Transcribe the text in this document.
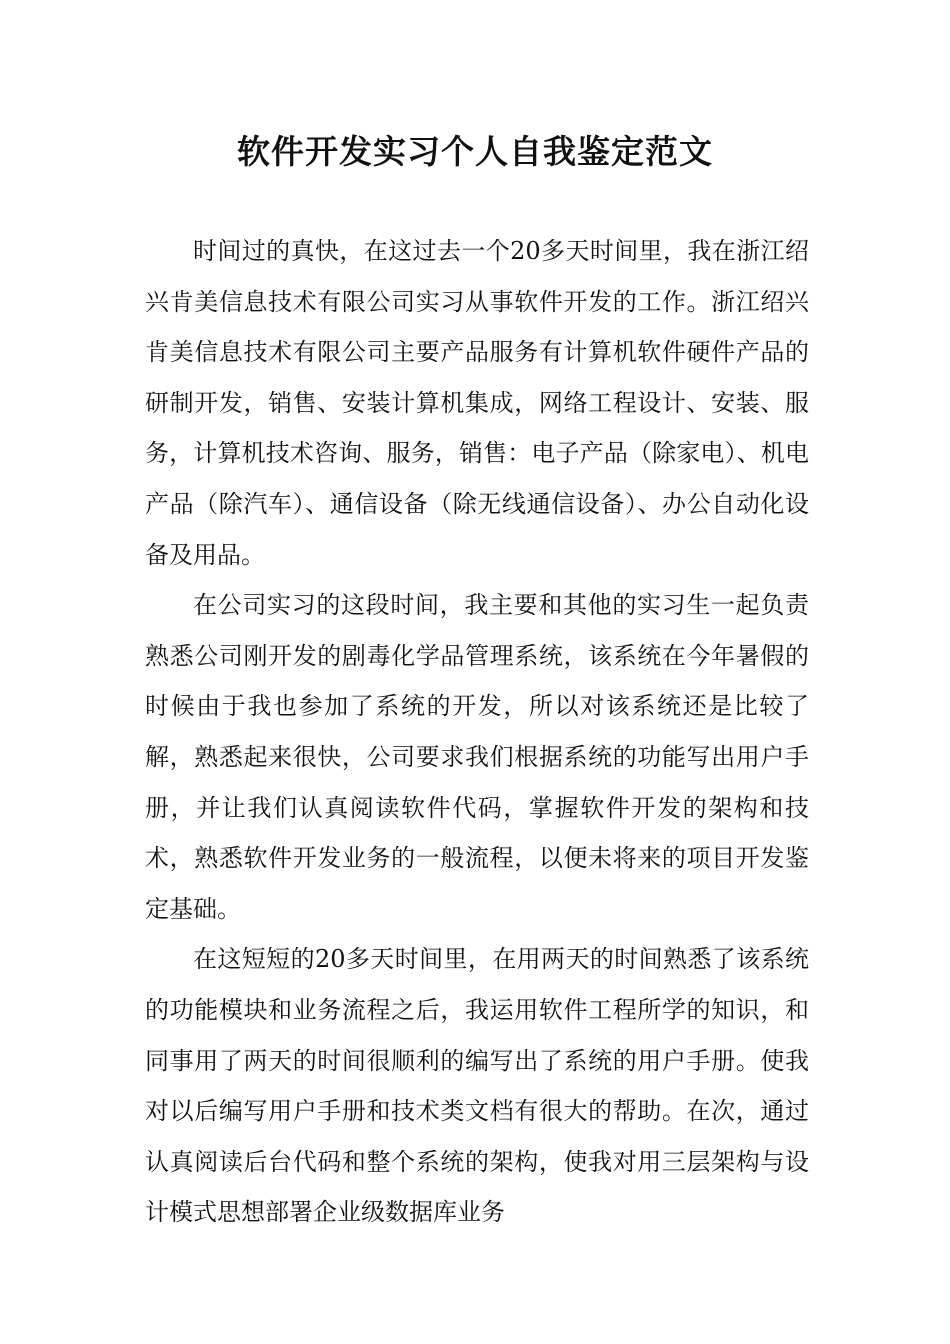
软件开发实习个人自我鉴定范文

时间过的真快，在这过去一个20多天时间里，我在浙江绍兴肯美信息技术有限公司实习从事软件开发的工作。浙江绍兴肯美信息技术有限公司主要产品服务有计算机软件硬件产品的研制开发，销售、安装计算机集成，网络工程设计、安装、服务，计算机技术咨询、服务，销售：电子产品（除家电）、机电产品（除汽车）、通信设备（除无线通信设备）、办公自动化设备及用品。

在公司实习的这段时间，我主要和其他的实习生一起负责熟悉公司刚开发的剧毒化学品管理系统，该系统在今年暑假的时候由于我也参加了系统的开发，所以对该系统还是比较了解，熟悉起来很快，公司要求我们根据系统的功能写出用户手册，并让我们认真阅读软件代码，掌握软件开发的架构和技术，熟悉软件开发业务的一般流程，以便未将来的项目开发鉴定基础。

在这短短的20多天时间里，在用两天的时间熟悉了该系统的功能模块和业务流程之后，我运用软件工程所学的知识，和同事用了两天的时间很顺利的编写出了系统的用户手册。使我对以后编写用户手册和技术类文档有很大的帮助。在次，通过认真阅读后台代码和整个系统的架构，使我对用三层架构与设计模式思想部署企业级数据库业务
